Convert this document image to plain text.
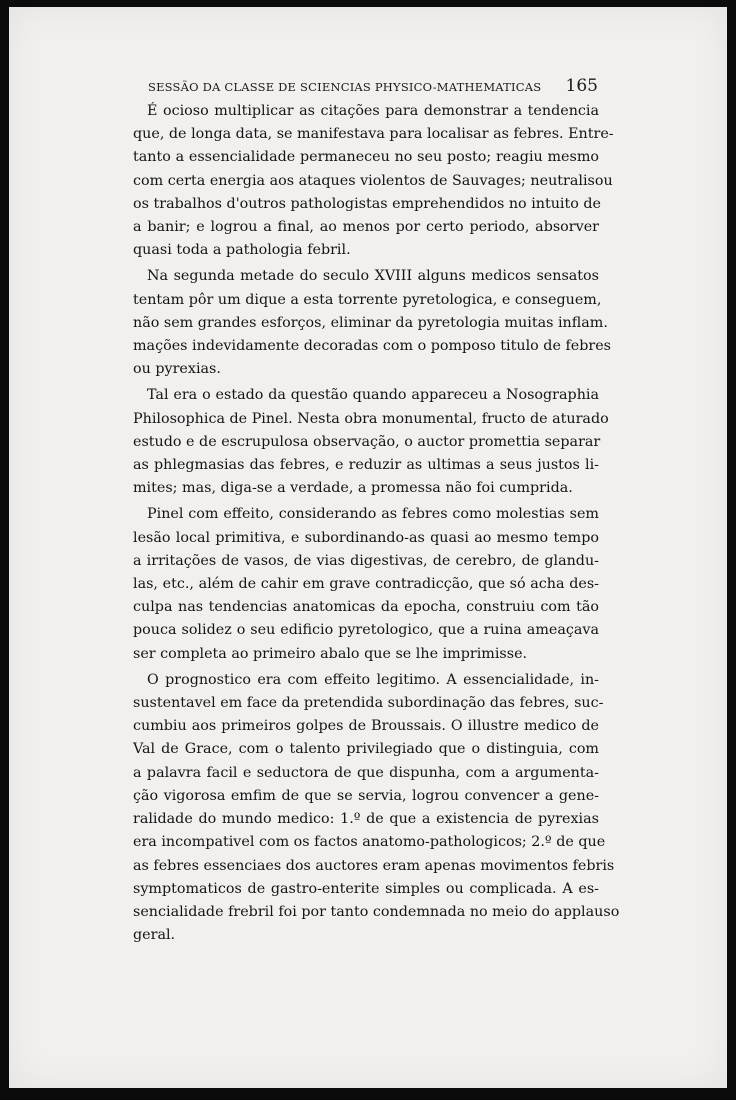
SESSÃO DA CLASSE DE SCIENCIAS PHYSICO-MATHEMATICAS 165

É ocioso multiplicar as citações para demonstrar a tendencia
que, de longa data, se manifestava para localisar as febres. Entre-
tanto a essencialidade permaneceu no seu posto; reagiu mesmo
com certa energia aos ataques violentos de Sauvages; neutralisou
os trabalhos d'outros pathologistas emprehendidos no intuito de
a banir; e logrou a final, ao menos por certo periodo, absorver
quasi toda a pathologia febril.

Na segunda metade do seculo XVIII alguns medicos sensatos
tentam pôr um dique a esta torrente pyretologica, e conseguem,
não sem grandes esforços, eliminar da pyretologia muitas inflam.
mações indevidamente decoradas com o pomposo titulo de febres
ou pyrexias.

Tal era o estado da questão quando appareceu a Nosographia
Philosophica de Pinel. Nesta obra monumental, fructo de aturado
estudo e de escrupulosa observação, o auctor promettia separar
as phlegmasias das febres, e reduzir as ultimas a seus justos li-
mites; mas, diga-se a verdade, a promessa não foi cumprida.

Pinel com effeito, considerando as febres como molestias sem
lesão local primitiva, e subordinando-as quasi ao mesmo tempo
a irritações de vasos, de vias digestivas, de cerebro, de glandu-
las, etc., além de cahir em grave contradicção, que só acha des-
culpa nas tendencias anatomicas da epocha, construiu com tão
pouca solidez o seu edificio pyretologico, que a ruina ameaçava
ser completa ao primeiro abalo que se lhe imprimisse.

O prognostico era com effeito legitimo. A essencialidade, in-
sustentavel em face da pretendida subordinação das febres, suc-
cumbiu aos primeiros golpes de Broussais. O illustre medico de
Val de Grace, com o talento privilegiado que o distinguia, com
a palavra facil e seductora de que dispunha, com a argumenta-
ção vigorosa emfim de que se servia, logrou convencer a gene-
ralidade do mundo medico: 1.º de que a existencia de pyrexias
era incompativel com os factos anatomo-pathologicos; 2.º de que
as febres essenciaes dos auctores eram apenas movimentos febris
symptomaticos de gastro-enterite simples ou complicada. A es-
sencialidade frebril foi por tanto condemnada no meio do applauso
geral.
